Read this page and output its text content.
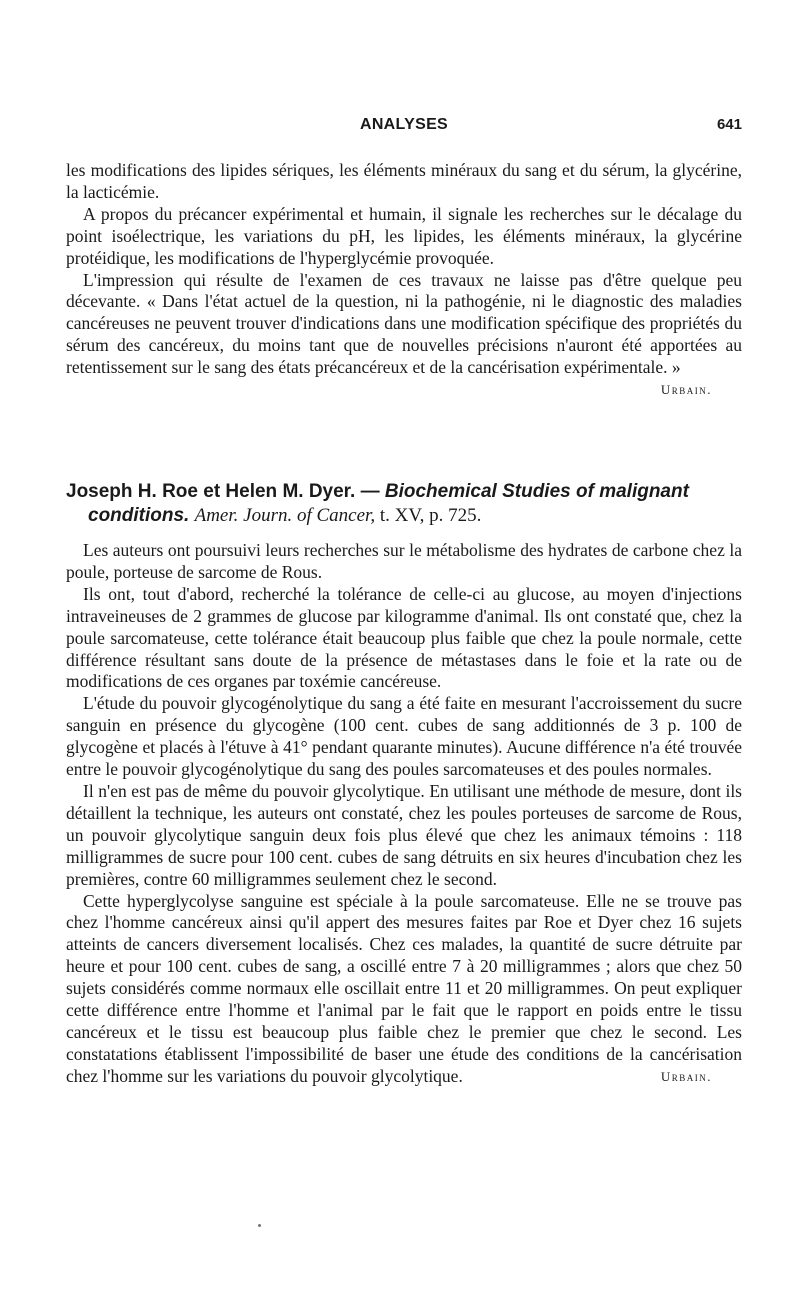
ANALYSES	641

les modifications des lipides sériques, les éléments minéraux du sang et du sérum, la glycérine, la lacticémie.

A propos du précancer expérimental et humain, il signale les recherches sur le décalage du point isoélectrique, les variations du pH, les lipides, les éléments minéraux, la glycérine protéidique, les modifications de l'hyperglycémie provoquée.

L'impression qui résulte de l'examen de ces travaux ne laisse pas d'être quelque peu décevante. « Dans l'état actuel de la question, ni la pathogénie, ni le diagnostic des maladies cancéreuses ne peuvent trouver d'indications dans une modification spécifique des propriétés du sérum des cancéreux, du moins tant que de nouvelles précisions n'auront été apportées au retentissement sur le sang des états précancéreux et de la cancérisation expérimentale. »

Urbain.

Joseph H. Roe et Helen M. Dyer. — Biochemical Studies of malignant conditions. Amer. Journ. of Cancer, t. XV, p. 725.

Les auteurs ont poursuivi leurs recherches sur le métabolisme des hydrates de carbone chez la poule, porteuse de sarcome de Rous.

Ils ont, tout d'abord, recherché la tolérance de celle-ci au glucose, au moyen d'injections intraveineuses de 2 grammes de glucose par kilogramme d'animal. Ils ont constaté que, chez la poule sarcomateuse, cette tolérance était beaucoup plus faible que chez la poule normale, cette différence résultant sans doute de la présence de métastases dans le foie et la rate ou de modifications de ces organes par toxémie cancéreuse.

L'étude du pouvoir glycogénolytique du sang a été faite en mesurant l'accroissement du sucre sanguin en présence du glycogène (100 cent. cubes de sang additionnés de 3 p. 100 de glycogène et placés à l'étuve à 41° pendant quarante minutes). Aucune différence n'a été trouvée entre le pouvoir glycogénolytique du sang des poules sarcomateuses et des poules normales.

Il n'en est pas de même du pouvoir glycolytique. En utilisant une méthode de mesure, dont ils détaillent la technique, les auteurs ont constaté, chez les poules porteuses de sarcome de Rous, un pouvoir glycolytique sanguin deux fois plus élevé que chez les animaux témoins : 118 milligrammes de sucre pour 100 cent. cubes de sang détruits en six heures d'incubation chez les premières, contre 60 milligrammes seulement chez le second.

Cette hyperglycolyse sanguine est spéciale à la poule sarcomateuse. Elle ne se trouve pas chez l'homme cancéreux ainsi qu'il appert des mesures faites par Roe et Dyer chez 16 sujets atteints de cancers diversement localisés. Chez ces malades, la quantité de sucre détruite par heure et pour 100 cent. cubes de sang, a oscillé entre 7 à 20 milligrammes ; alors que chez 50 sujets considérés comme normaux elle oscillait entre 11 et 20 milligrammes. On peut expliquer cette différence entre l'homme et l'animal par le fait que le rapport en poids entre le tissu cancéreux et le tissu est beaucoup plus faible chez le premier que chez le second. Les constatations établissent l'impossibilité de baser une étude des conditions de la cancérisation chez l'homme sur les variations du pouvoir glycolytique.	Urbain.
